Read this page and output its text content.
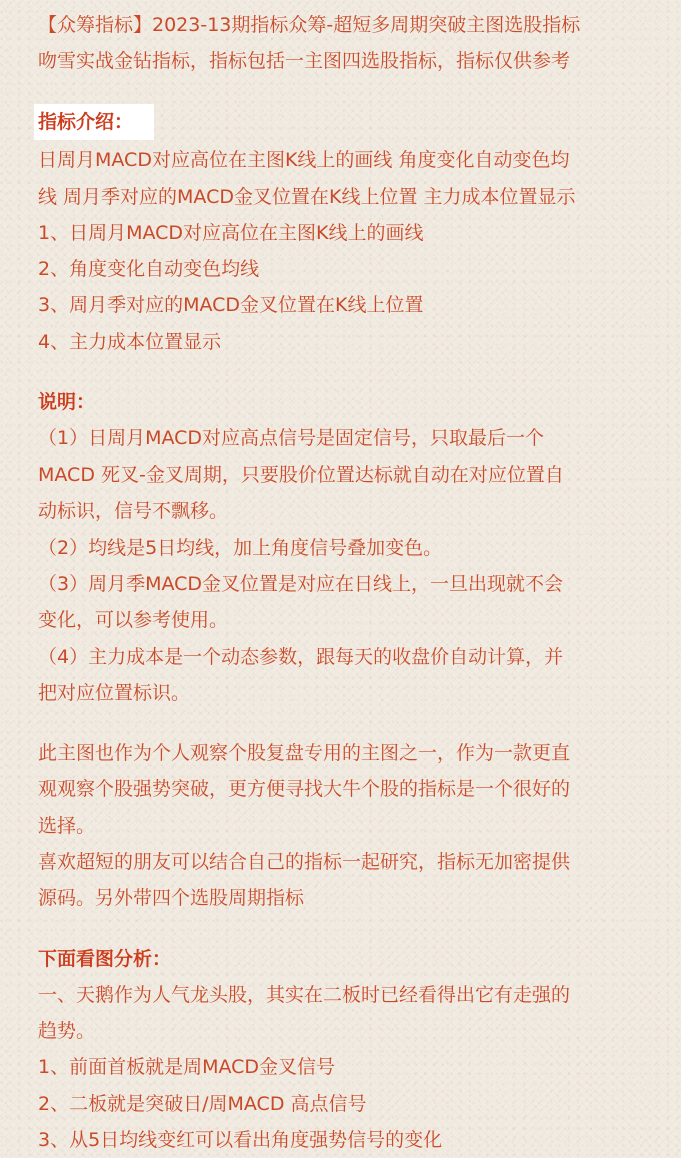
【众筹指标】2023-13期指标众筹-超短多周期突破主图选股指标
吻雪实战金钻指标，指标包括一主图四选股指标，指标仅供参考
指标介绍：
日周月MACD对应高位在主图K线上的画线 角度变化自动变色均
线 周月季对应的MACD金叉位置在K线上位置 主力成本位置显示
1、日周月MACD对应高位在主图K线上的画线
2、角度变化自动变色均线
3、周月季对应的MACD金叉位置在K线上位置
4、主力成本位置显示
说明：
（1）日周月MACD对应高点信号是固定信号，只取最后一个
MACD 死叉-金叉周期，只要股价位置达标就自动在对应位置自
动标识，信号不飘移。
（2）均线是5日均线，加上角度信号叠加变色。
（3）周月季MACD金叉位置是对应在日线上，一旦出现就不会
变化，可以参考使用。
（4）主力成本是一个动态参数，跟每天的收盘价自动计算，并
把对应位置标识。
此主图也作为个人观察个股复盘专用的主图之一，作为一款更直
观观察个股强势突破，更方便寻找大牛个股的指标是一个很好的
选择。
喜欢超短的朋友可以结合自己的指标一起研究，指标无加密提供
源码。另外带四个选股周期指标
下面看图分析：
一、天鹅作为人气龙头股，其实在二板时已经看得出它有走强的
趋势。
1、前面首板就是周MACD金叉信号
2、二板就是突破日/周MACD 高点信号
3、从5日均线变红可以看出角度强势信号的变化
